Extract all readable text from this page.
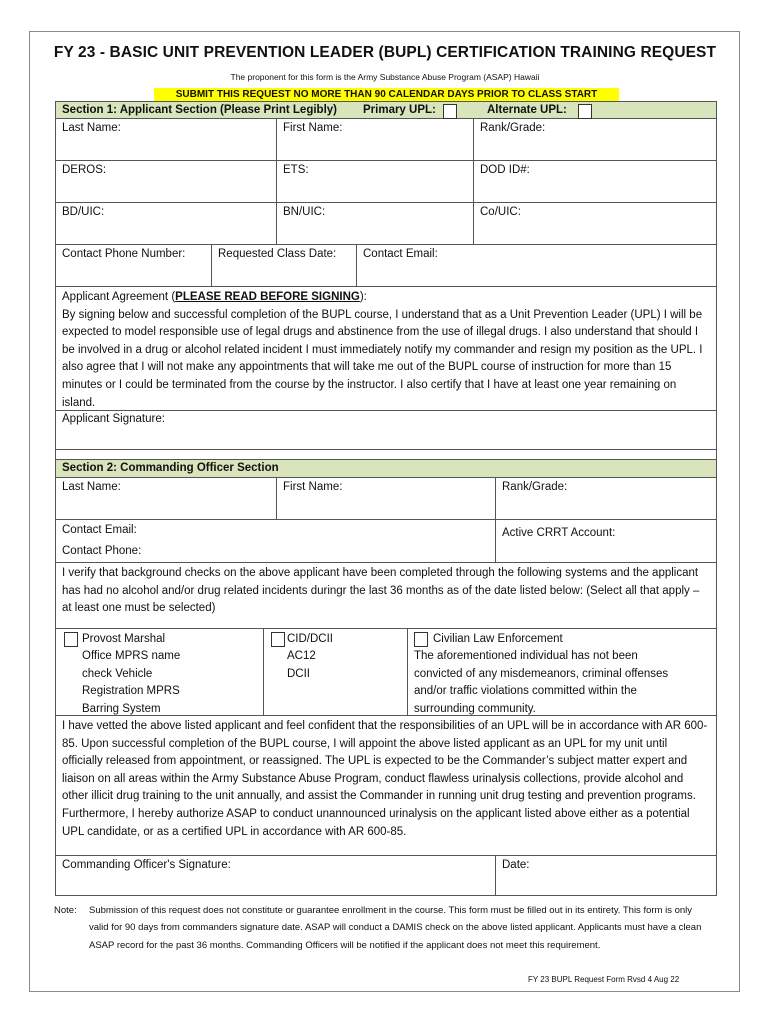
FY 23 - BASIC UNIT PREVENTION LEADER (BUPL) CERTIFICATION TRAINING REQUEST
The proponent for this form is the Army Substance Abuse Program (ASAP) Hawaii
SUBMIT THIS REQUEST NO MORE THAN 90 CALENDAR DAYS PRIOR TO CLASS START
Section 1: Applicant Section (Please Print Legibly) Primary UPL:	Alternate UPL:
Last Name:	First Name:	Rank/Grade:
DEROS:	ETS:	DOD ID#:
BD/UIC:	BN/UIC:	Co/UIC:
Contact Phone Number:	Requested Class Date:	Contact Email:
Applicant Agreement (PLEASE READ BEFORE SIGNING):
By signing below and successful completion of the BUPL course, I understand that as a Unit Prevention Leader (UPL) I will be expected to model responsible use of legal drugs and abstinence from the use of illegal drugs. I also understand that should I be involved in a drug or alcohol related incident I must immediately notify my commander and resign my position as the UPL. I also agree that I will not make any appointments that will take me out of the BUPL course of instruction for more than 15 minutes or I could be terminated from the course by the instructor. I also certify that I have at least one year remaining on island.
Applicant Signature:
Section 2: Commanding Officer Section
Last Name:	First Name:	Rank/Grade:
Contact Email:
Contact Phone:
Active CRRT Account:
I verify that background checks on the above applicant have been completed through the following systems and the applicant has had no alcohol and/or drug related incidents duringr the last 36 months as of the date listed below: (Select all that apply – at least one must be selected)
Provost Marshal
Office MPRS name
check Vehicle
Registration MPRS
Barring System
CID/DCII
AC12
DCII
Civilian Law Enforcement
The aforementioned individual has not been convicted of any misdemeanors, criminal offenses and/or traffic violations committed within the surrounding community.
I have vetted the above listed applicant and feel confident that the responsibilities of an UPL will be in accordance with AR 600-85. Upon successful completion of the BUPL course, I will appoint the above listed applicant as an UPL for my unit until officially released from appointment, or reassigned. The UPL is expected to be the Commander’s subject matter expert and liaison on all areas within the Army Substance Abuse Program, conduct flawless urinalysis collections, provide alcohol and other illicit drug training to the unit annually, and assist the Commander in running unit drug testing and prevention programs. Furthermore, I hereby authorize ASAP to conduct unannounced urinalysis on the applicant listed above either as a potential UPL candidate, or as a certified UPL in accordance with AR 600-85.
Commanding Officer's Signature:	Date:
Note: Submission of this request does not constitute or guarantee enrollment in the course. This form must be filled out in its entirety. This form is only valid for 90 days from commanders signature date. ASAP will conduct a DAMIS check on the above listed applicant. Applicants must have a clean ASAP record for the past 36 months. Commanding Officers will be notified if the applicant does not meet this requirement.
FY 23 BUPL Request Form Rvsd 4 Aug 22
